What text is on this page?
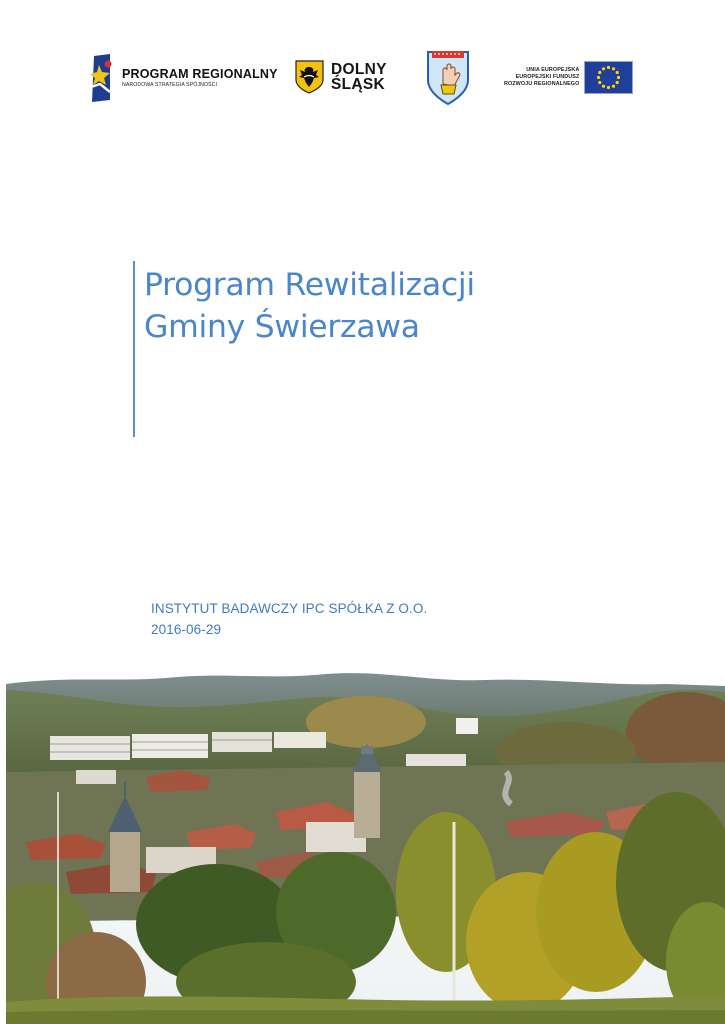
PROGRAM REGIONALNY
NARODOWA STRATEGIA SPÓJNOŚCI
DOLNY
ŚLĄSK
UNIA EUROPEJSKA
EUROPEJSKI FUNDUSZ
ROZWOJU REGIONALNEGO
Program Rewitalizacji
Gminy Świerzawa
INSTYTUT BADAWCZY IPC SPÓŁKA Z O.O.
2016-06-29
